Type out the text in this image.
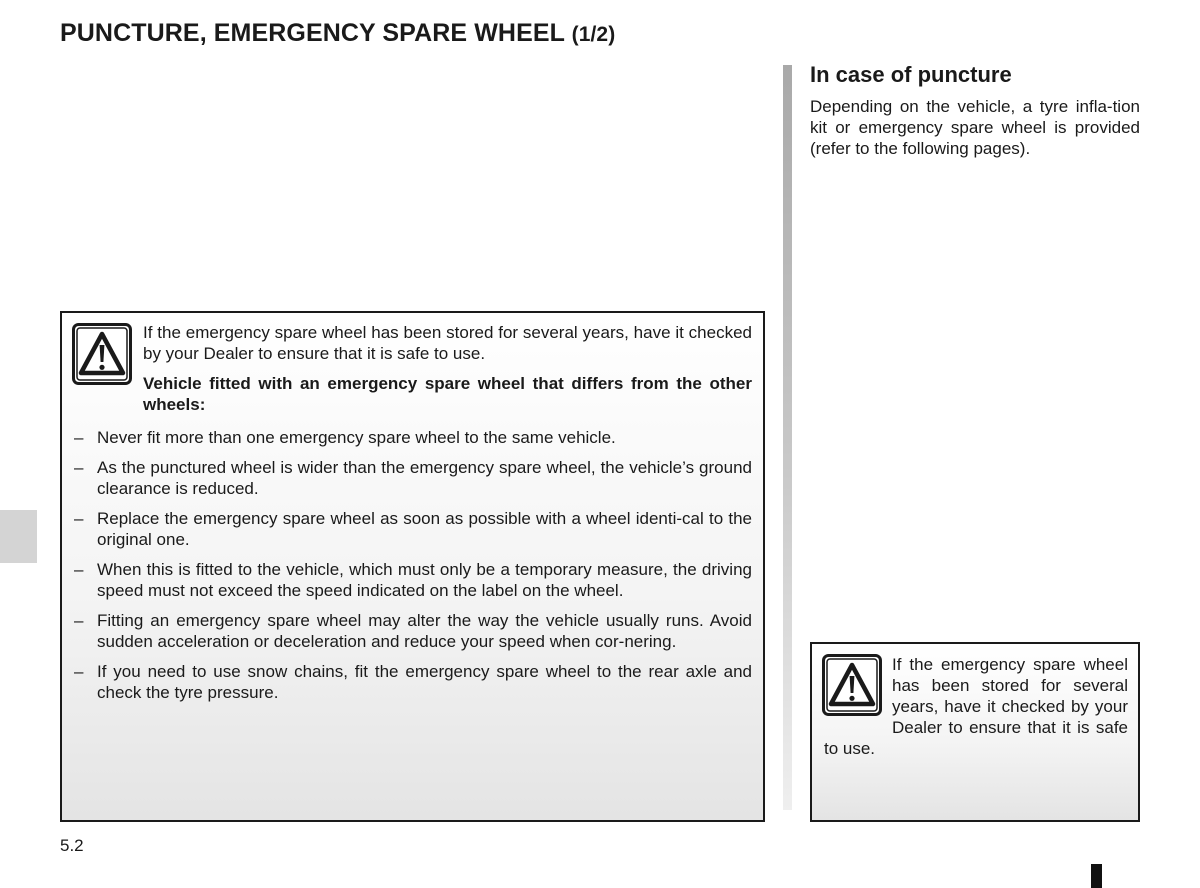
PUNCTURE, EMERGENCY SPARE WHEEL (1/2)

If the emergency spare wheel has been stored for several years, have it checked by your Dealer to ensure that it is safe to use.

Vehicle fitted with an emergency spare wheel that differs from the other wheels:

– Never fit more than one emergency spare wheel to the same vehicle.
– As the punctured wheel is wider than the emergency spare wheel, the vehicle’s ground clearance is reduced.
– Replace the emergency spare wheel as soon as possible with a wheel identi-cal to the original one.
– When this is fitted to the vehicle, which must only be a temporary measure, the driving speed must not exceed the speed indicated on the label on the wheel.
– Fitting an emergency spare wheel may alter the way the vehicle usually runs. Avoid sudden acceleration or deceleration and reduce your speed when cor-nering.
– If you need to use snow chains, fit the emergency spare wheel to the rear axle and check the tyre pressure.
In case of puncture

Depending on the vehicle, a tyre infla-tion kit or emergency spare wheel is provided (refer to the following pages).

If the emergency spare wheel has been stored for several years, have it checked by your Dealer to ensure that it is safe to use.
5.2
